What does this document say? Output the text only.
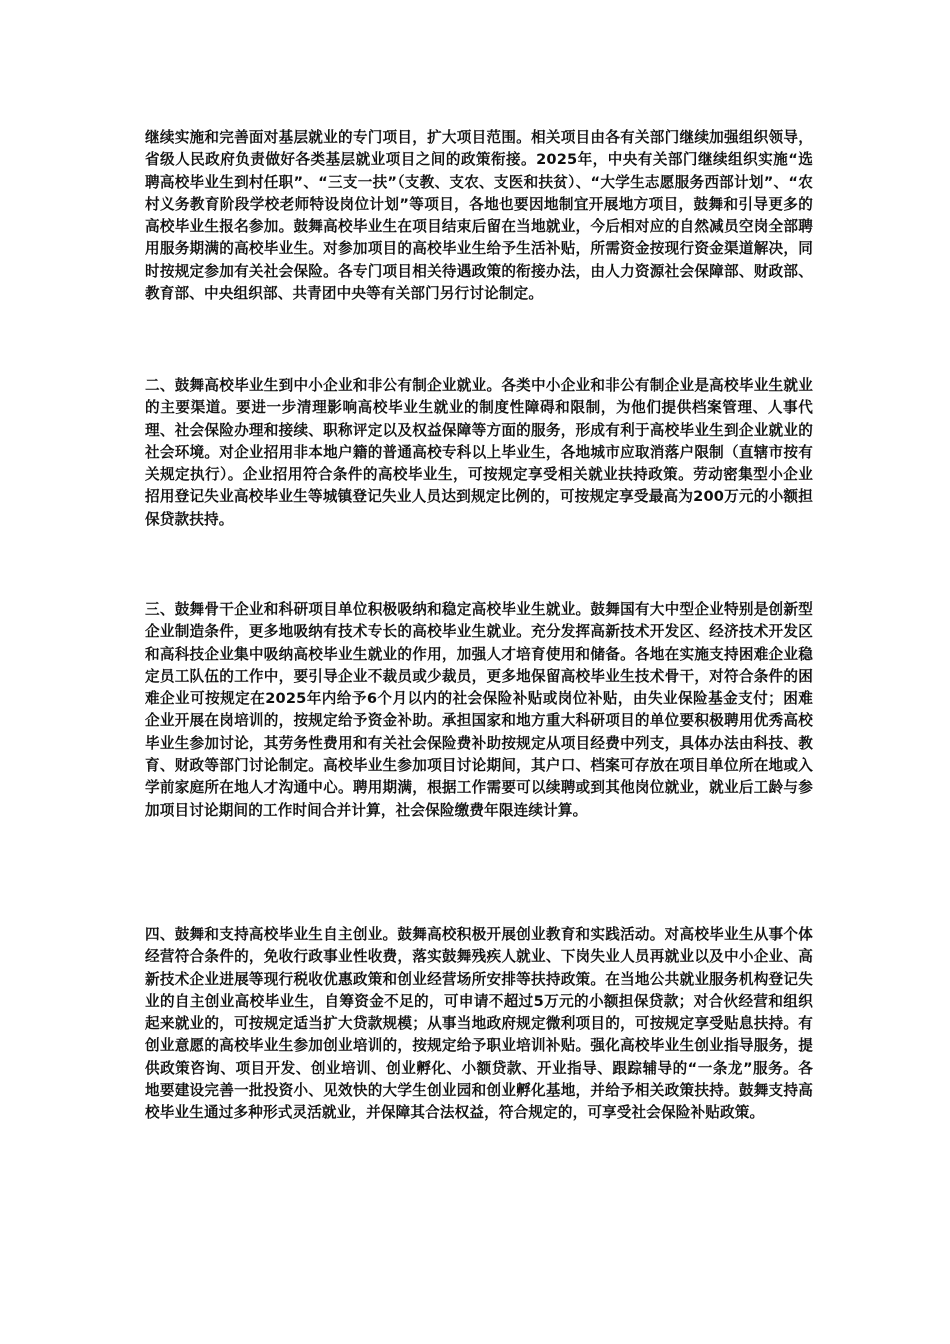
继续实施和完善面对基层就业的专门项目，扩大项目范围。相关项目由各有关部门继续加强组织领导，省级人民政府负责做好各类基层就业项目之间的政策衔接。2025年，中央有关部门继续组织实施“选聘高校毕业生到村任职”、“三支一扶”（支教、支农、支医和扶贫）、“大学生志愿服务西部计划”、“农村义务教育阶段学校老师特设岗位计划”等项目，各地也要因地制宜开展地方项目，鼓舞和引导更多的高校毕业生报名参加。鼓舞高校毕业生在项目结束后留在当地就业，今后相对应的自然减员空岗全部聘用服务期满的高校毕业生。对参加项目的高校毕业生给予生活补贴，所需资金按现行资金渠道解决，同时按规定参加有关社会保险。各专门项目相关待遇政策的衔接办法，由人力资源社会保障部、财政部、教育部、中央组织部、共青团中央等有关部门另行讨论制定。

二、鼓舞高校毕业生到中小企业和非公有制企业就业。各类中小企业和非公有制企业是高校毕业生就业的主要渠道。要进一步清理影响高校毕业生就业的制度性障碍和限制，为他们提供档案管理、人事代理、社会保险办理和接续、职称评定以及权益保障等方面的服务，形成有利于高校毕业生到企业就业的社会环境。对企业招用非本地户籍的普通高校专科以上毕业生，各地城市应取消落户限制（直辖市按有关规定执行）。企业招用符合条件的高校毕业生，可按规定享受相关就业扶持政策。劳动密集型小企业招用登记失业高校毕业生等城镇登记失业人员达到规定比例的，可按规定享受最高为200万元的小额担保贷款扶持。

三、鼓舞骨干企业和科研项目单位积极吸纳和稳定高校毕业生就业。鼓舞国有大中型企业特别是创新型企业制造条件，更多地吸纳有技术专长的高校毕业生就业。充分发挥高新技术开发区、经济技术开发区和高科技企业集中吸纳高校毕业生就业的作用，加强人才培育使用和储备。各地在实施支持困难企业稳定员工队伍的工作中，要引导企业不裁员或少裁员，更多地保留高校毕业生技术骨干，对符合条件的困难企业可按规定在2025年内给予6个月以内的社会保险补贴或岗位补贴，由失业保险基金支付；困难企业开展在岗培训的，按规定给予资金补助。承担国家和地方重大科研项目的单位要积极聘用优秀高校毕业生参加讨论，其劳务性费用和有关社会保险费补助按规定从项目经费中列支，具体办法由科技、教育、财政等部门讨论制定。高校毕业生参加项目讨论期间，其户口、档案可存放在项目单位所在地或入学前家庭所在地人才沟通中心。聘用期满，根据工作需要可以续聘或到其他岗位就业，就业后工龄与参加项目讨论期间的工作时间合并计算，社会保险缴费年限连续计算。

四、鼓舞和支持高校毕业生自主创业。鼓舞高校积极开展创业教育和实践活动。对高校毕业生从事个体经营符合条件的，免收行政事业性收费，落实鼓舞残疾人就业、下岗失业人员再就业以及中小企业、高新技术企业进展等现行税收优惠政策和创业经营场所安排等扶持政策。在当地公共就业服务机构登记失业的自主创业高校毕业生，自筹资金不足的，可申请不超过5万元的小额担保贷款；对合伙经营和组织起来就业的，可按规定适当扩大贷款规模；从事当地政府规定微利项目的，可按规定享受贴息扶持。有创业意愿的高校毕业生参加创业培训的，按规定给予职业培训补贴。强化高校毕业生创业指导服务，提供政策咨询、项目开发、创业培训、创业孵化、小额贷款、开业指导、跟踪辅导的“一条龙”服务。各地要建设完善一批投资小、见效快的大学生创业园和创业孵化基地，并给予相关政策扶持。鼓舞支持高校毕业生通过多种形式灵活就业，并保障其合法权益，符合规定的，可享受社会保险补贴政策。
